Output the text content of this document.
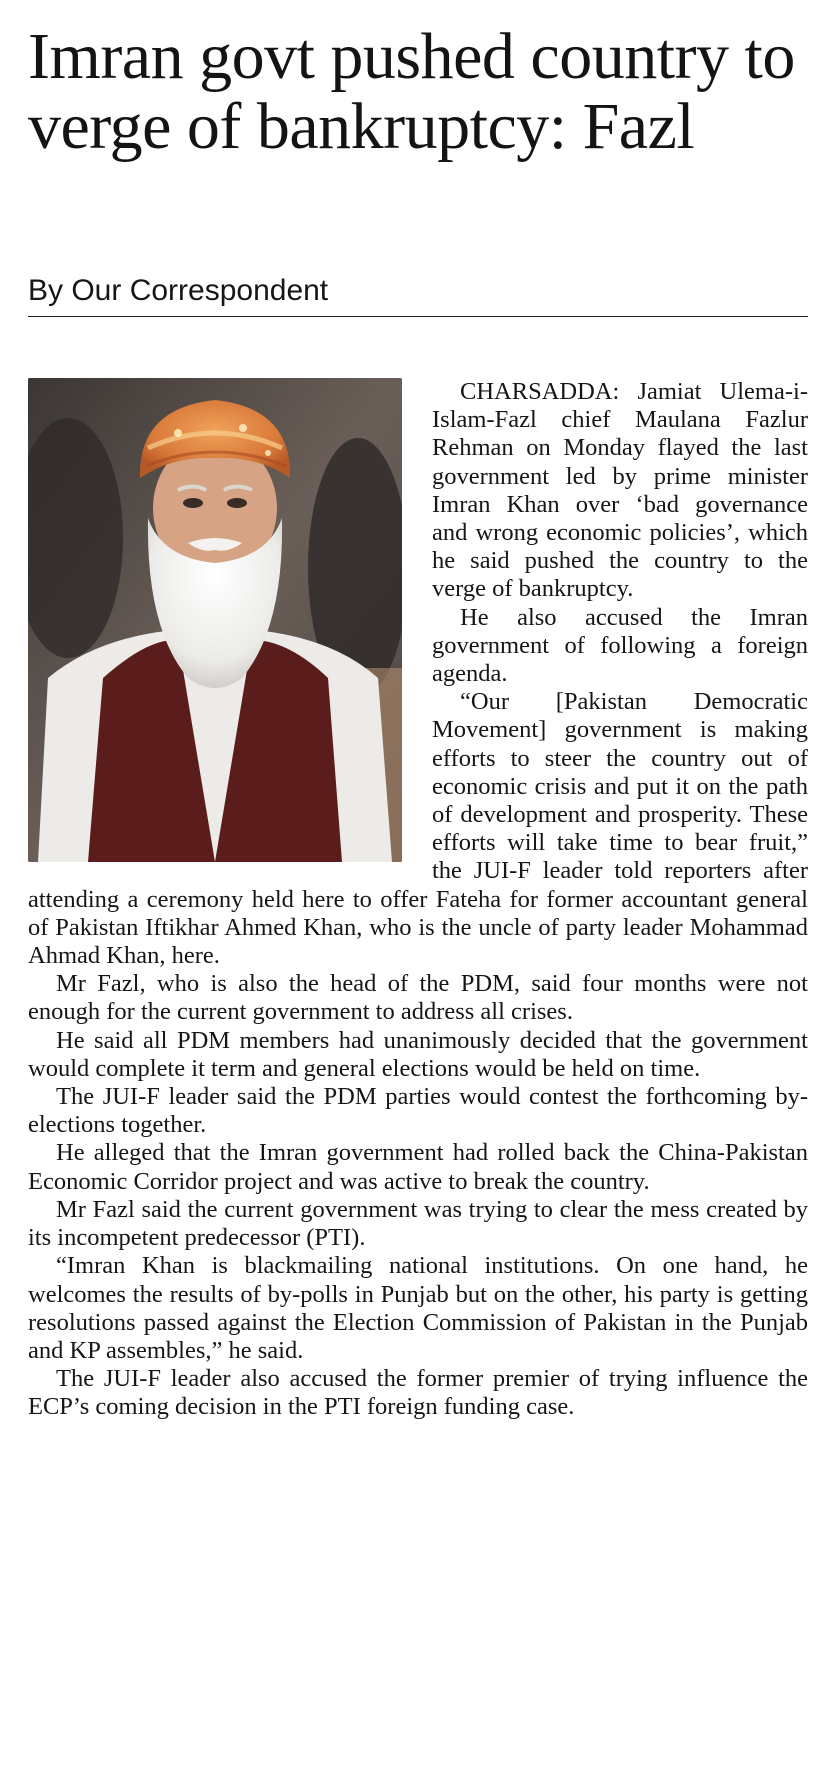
Imran govt pushed country to verge of bankruptcy: Fazl
By Our Correspondent

CHARSADDA: Jamiat Ulema-i-Islam-Fazl chief Maulana Fazlur Rehman on Monday flayed the last government led by prime minister Imran Khan over ‘bad governance and wrong economic policies’, which he said pushed the country to the verge of bankruptcy.

He also accused the Imran government of following a foreign agenda.

“Our [Pakistan Democratic Movement] government is making efforts to steer the country out of economic crisis and put it on the path of development and prosperity. These efforts will take time to bear fruit,” the JUI-F leader told reporters after attending a ceremony held here to offer Fateha for former accountant general of Pakistan Iftikhar Ahmed Khan, who is the uncle of party leader Mohammad Ahmad Khan, here.

Mr Fazl, who is also the head of the PDM, said four months were not enough for the current government to address all crises.

He said all PDM members had unanimously decided that the government would complete it term and general elections would be held on time.

The JUI-F leader said the PDM parties would contest the forthcoming by-elections together.

He alleged that the Imran government had rolled back the China-Pakistan Economic Corridor project and was active to break the country.

Mr Fazl said the current government was trying to clear the mess created by its incompetent predecessor (PTI).

“Imran Khan is blackmailing national institutions. On one hand, he welcomes the results of by-polls in Punjab but on the other, his party is getting resolutions passed against the Election Commission of Pakistan in the Punjab and KP assembles,” he said.

The JUI-F leader also accused the former premier of trying influence the ECP’s coming decision in the PTI foreign funding case.
